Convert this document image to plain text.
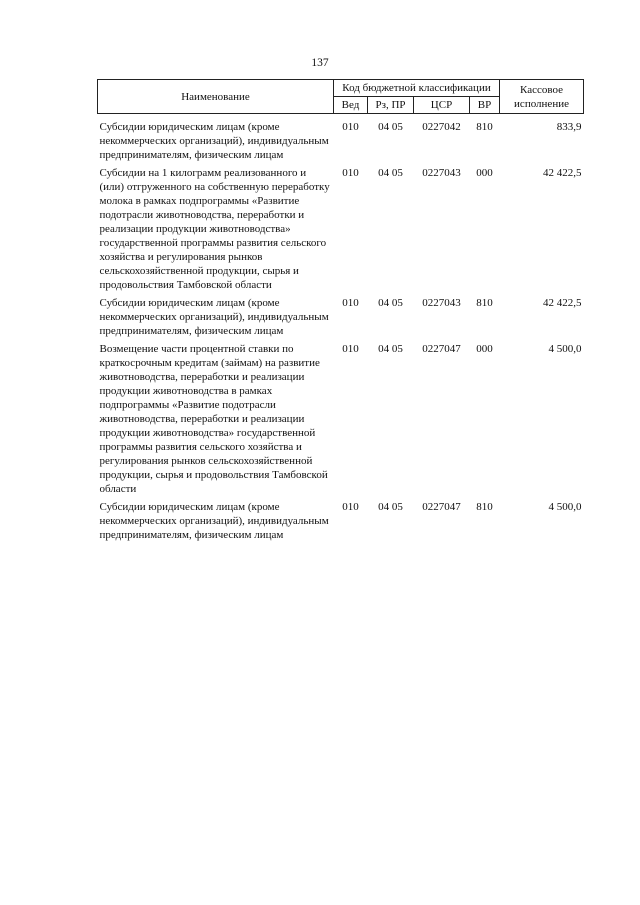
137
Наименование	Код бюджетной классификации				Кассовое исполнение
	Вед	Рз, ПР	ЦСР	ВР	
Субсидии юридическим лицам (кроме некоммерческих организаций), индивидуальным предпринимателям, физическим лицам	010	04 05	0227042	810	833,9
Субсидии на 1 килограмм реализованного и (или) отгруженного на собственную переработку молока в рамках подпрограммы «Развитие подотрасли животноводства, переработки и реализации продукции животноводства» государственной программы развития сельского хозяйства и регулирования рынков сельскохозяйственной продукции, сырья и продовольствия Тамбовской области	010	04 05	0227043	000	42 422,5
Субсидии юридическим лицам (кроме некоммерческих организаций), индивидуальным предпринимателям, физическим лицам	010	04 05	0227043	810	42 422,5
Возмещение части процентной ставки по краткосрочным кредитам (займам) на развитие животноводства, переработки и реализации продукции животноводства в рамках подпрограммы «Развитие подотрасли животноводства, переработки и реализации продукции животноводства» государственной программы развития сельского хозяйства и регулирования рынков сельскохозяйственной продукции, сырья и продовольствия Тамбовской области	010	04 05	0227047	000	4 500,0
Субсидии юридическим лицам (кроме некоммерческих организаций), индивидуальным предпринимателям, физическим лицам	010	04 05	0227047	810	4 500,0
